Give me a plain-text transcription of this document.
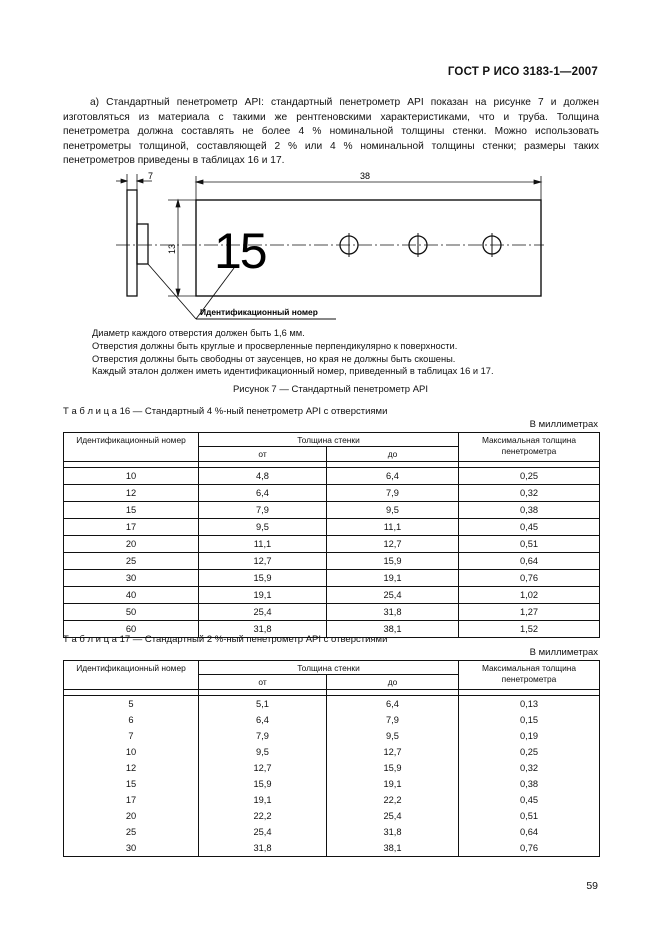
ГОСТ Р ИСО 3183-1—2007
а) Стандартный пенетрометр API: стандартный пенетрометр API показан на рисунке 7 и должен изготовляться из материала с такими же рентгеновскими характеристиками, что и труба. Толщина пенетрометра должна составлять не более 4 % номинальной толщины стенки. Можно использовать пенетрометры толщиной, составляющей 2 % или 4 % номинальной толщины стенки; размеры таких пенетрометров приведены в таблицах 16 и 17.
7	38
13 15
Идентификационный номер
Диаметр каждого отверстия должен быть 1,6 мм.
Отверстия должны быть круглые и просверленные перпендикулярно к поверхности.
Отверстия должны быть свободны от заусенцев, но края не должны быть скошены.
Каждый эталон должен иметь идентификационный номер, приведенный в таблицах 16 и 17.
Рисунок 7 — Стандартный пенетрометр API
Т а б л и ц а 16 — Стандартный 4 %-ный пенетрометр API с отверстиями
В миллиметрах
Идентификационный номер	Толщина стенки		Максимальная толщина пенетрометра
	от	до	

10	4,8	6,4	0,25
12	6,4	7,9	0,32
15	7,9	9,5	0,38
17	9,5	11,1	0,45
20	11,1	12,7	0,51
25	12,7	15,9	0,64
30	15,9	19,1	0,76
40	19,1	25,4	1,02
50	25,4	31,8	1,27
60	31,8	38,1	1,52
Т а б л и ц а 17 — Стандартный 2 %-ный пенетрометр API с отверстиями
В миллиметрах
Идентификационный номер	Толщина стенки		Максимальная толщина пенетрометра
	от	до	

5	5,1	6,4	0,13
6	6,4	7,9	0,15
7	7,9	9,5	0,19
10	9,5	12,7	0,25
12	12,7	15,9	0,32
15	15,9	19,1	0,38
17	19,1	22,2	0,45
20	22,2	25,4	0,51
25	25,4	31,8	0,64
30	31,8	38,1	0,76
59
